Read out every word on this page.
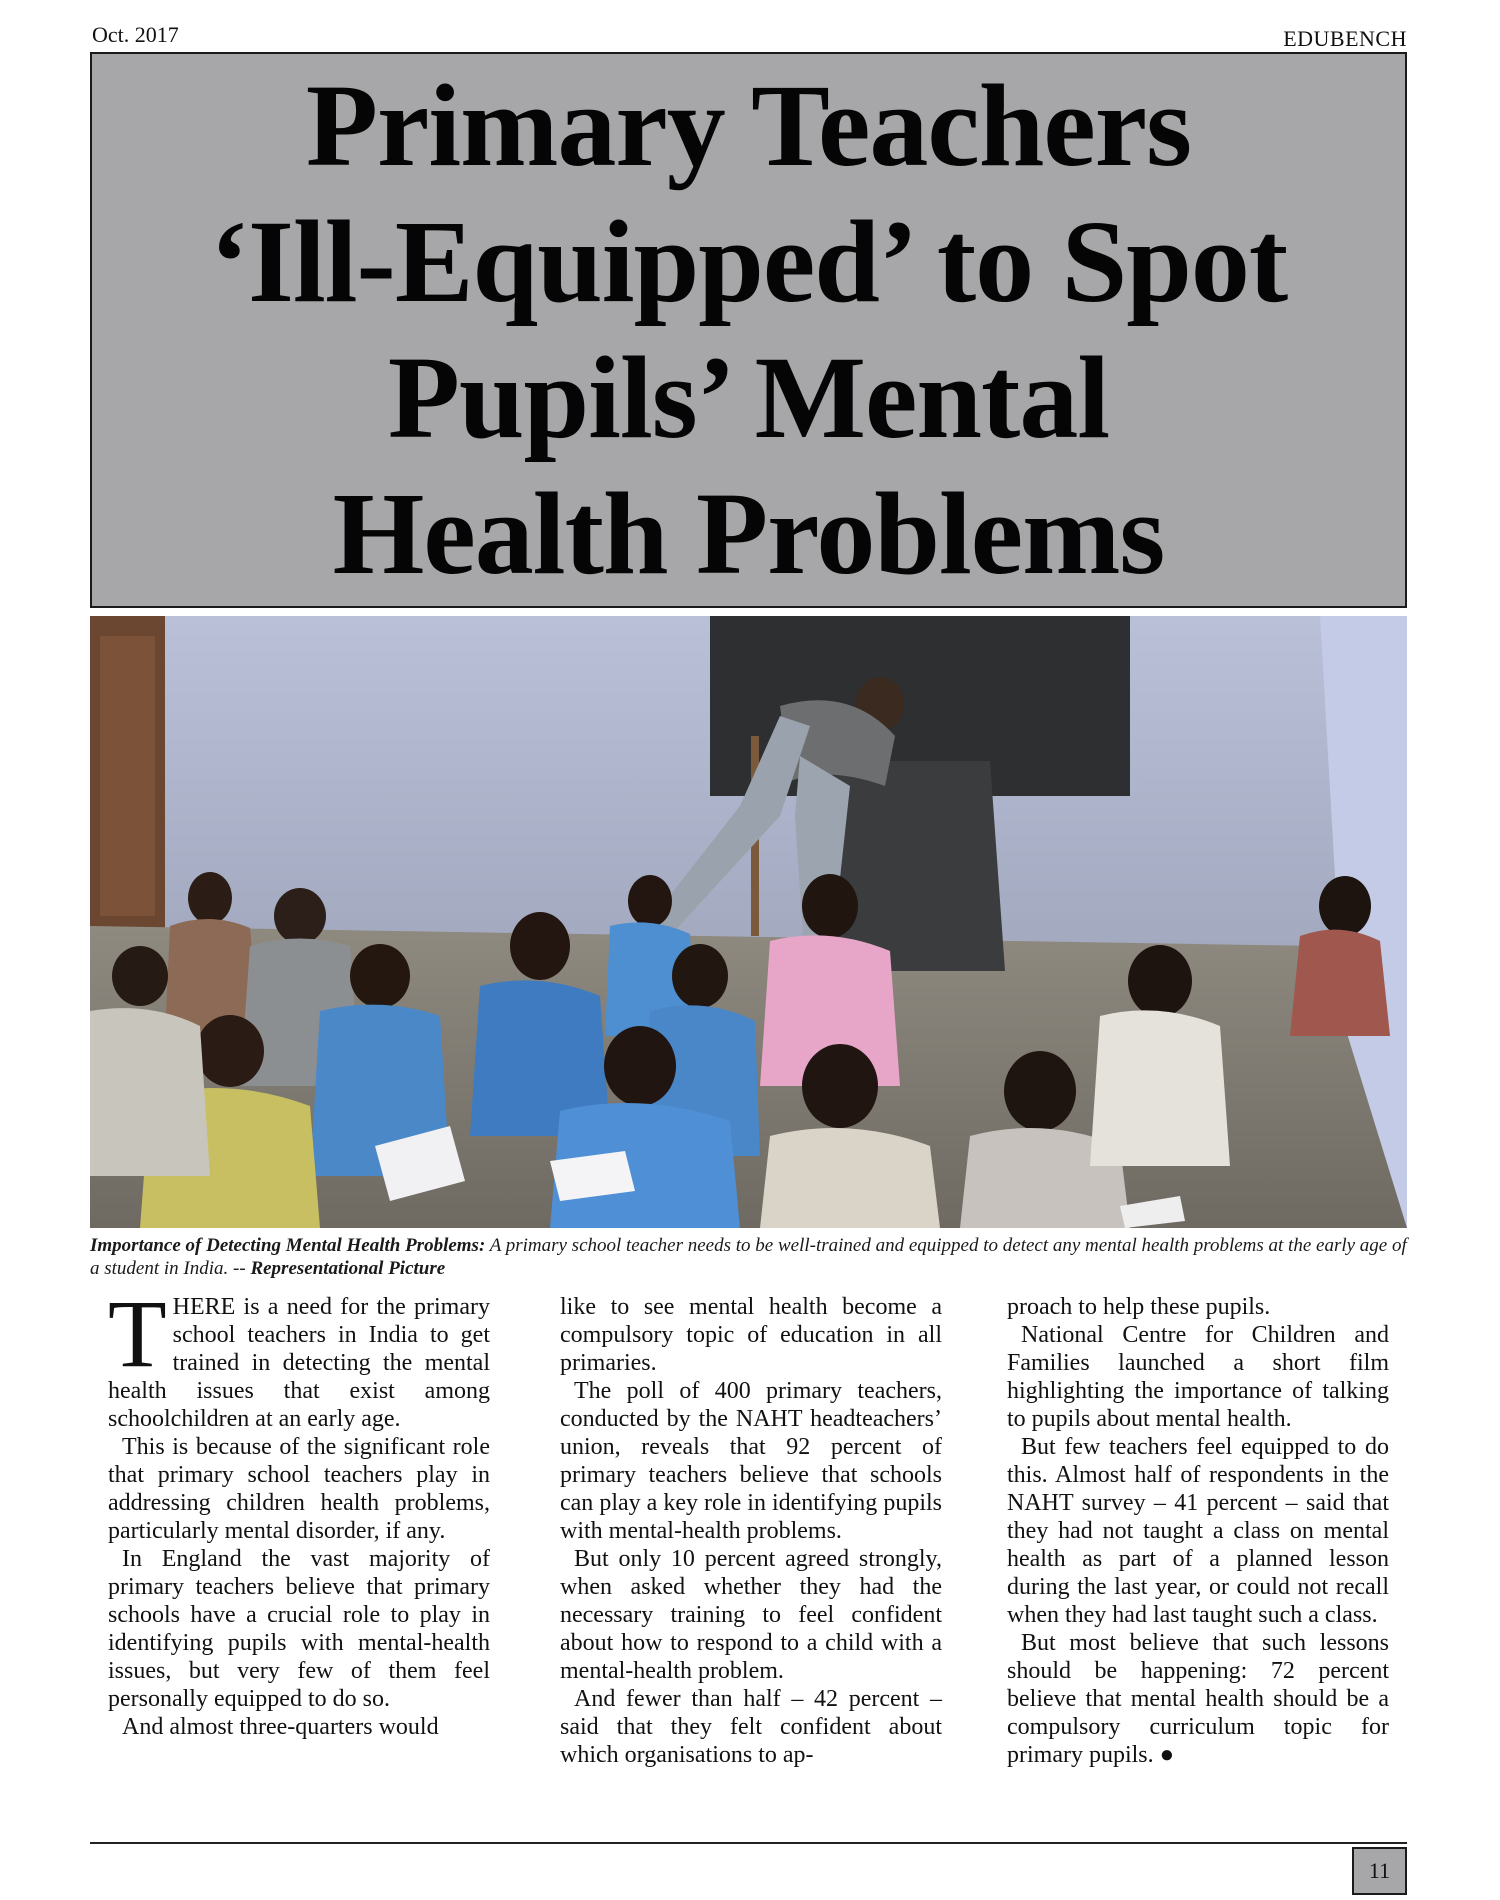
Oct. 2017	EDUBENCH
Primary Teachers
‘Ill-Equipped’ to Spot
Pupils’ Mental
Health Problems
Importance of Detecting Mental Health Problems: A primary school teacher needs to be well-trained and equipped to detect any mental health problems at the early age of a student in India. -- Representational Picture

THERE is a need for the primary school teachers in India to get trained in detecting the mental health issues that exist among schoolchildren at an early age.

This is because of the significant role that primary school teachers play in addressing children health problems, particularly mental disorder, if any.

In England the vast majority of primary teachers believe that primary schools have a crucial role to play in identifying pupils with mental-health issues, but very few of them feel personally equipped to do so.

And almost three-quarters would

like to see mental health become a compulsory topic of education in all primaries.

The poll of 400 primary teachers, conducted by the NAHT headteachers’ union, reveals that 92 percent of primary teachers believe that schools can play a key role in identifying pupils with mental-health problems.

But only 10 percent agreed strongly, when asked whether they had the necessary training to feel confident about how to respond to a child with a mental-health problem.

And fewer than half – 42 percent – said that they felt confident about which organisations to ap-

proach to help these pupils.

National Centre for Children and Families launched a short film highlighting the importance of talking to pupils about mental health.

But few teachers feel equipped to do this. Almost half of respondents in the NAHT survey – 41 percent – said that they had not taught a class on mental health as part of a planned lesson during the last year, or could not recall when they had last taught such a class.

But most believe that such lessons should be happening: 72 percent believe that mental health should be a compulsory curriculum topic for primary pupils. ●

11
